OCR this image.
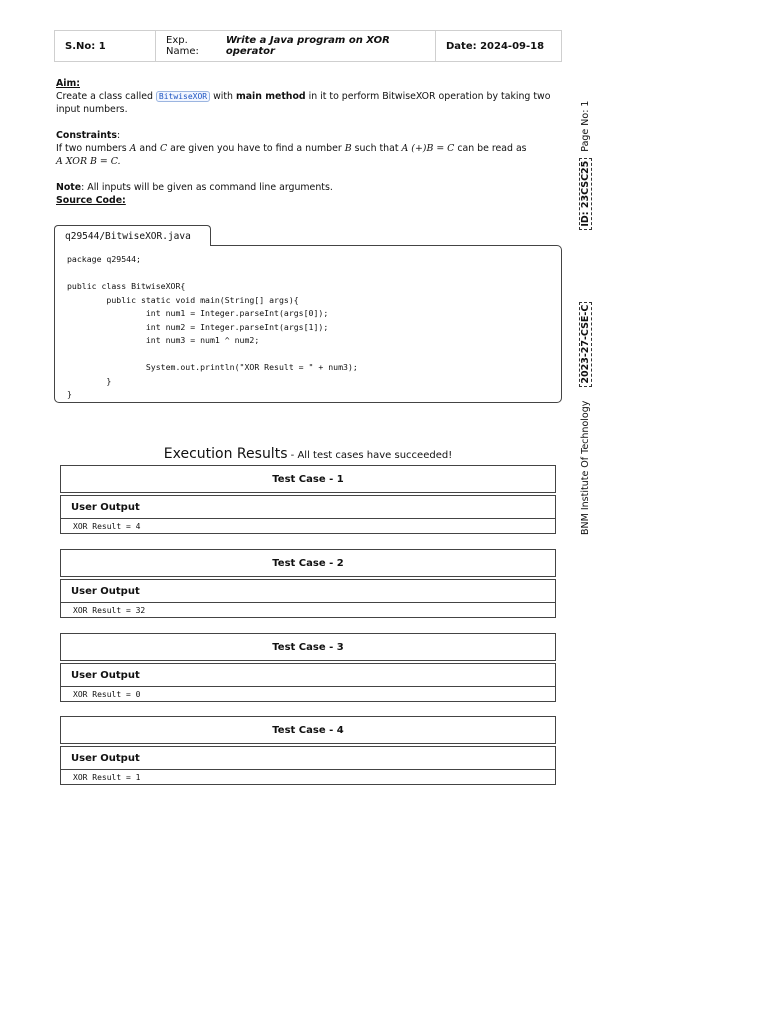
S.No: 1	Exp. Name:
Write a Java program on XOR operator	Date: 2024-09-18
Aim:

Create a class called BitwiseXOR with main method in it to perform BitwiseXOR operation by taking two input numbers.

Constraints:

If two numbers A and C are given you have to find a number B such that A (+)B = C can be read as
A XOR B = C.

Note: All inputs will be given as command line arguments.

Source Code:
q29544/BitwiseXOR.java
package q29544;

public class BitwiseXOR{
public static void main(String[] args){
int num1 = Integer.parseInt(args[0]);
int num2 = Integer.parseInt(args[1]);
int num3 = num1 ^ num2;

System.out.println("XOR Result = " + num3);
}
}
Execution Results - All test cases have succeeded!
Test Case - 1
User Output
XOR Result = 4
Test Case - 2
User Output
XOR Result = 32
Test Case - 3
User Output
XOR Result = 0
Test Case - 4
User Output
XOR Result = 1
BNM Institute Of Technology
2023-27-CSE-C
ID: 23CSC25
Page No: 1
